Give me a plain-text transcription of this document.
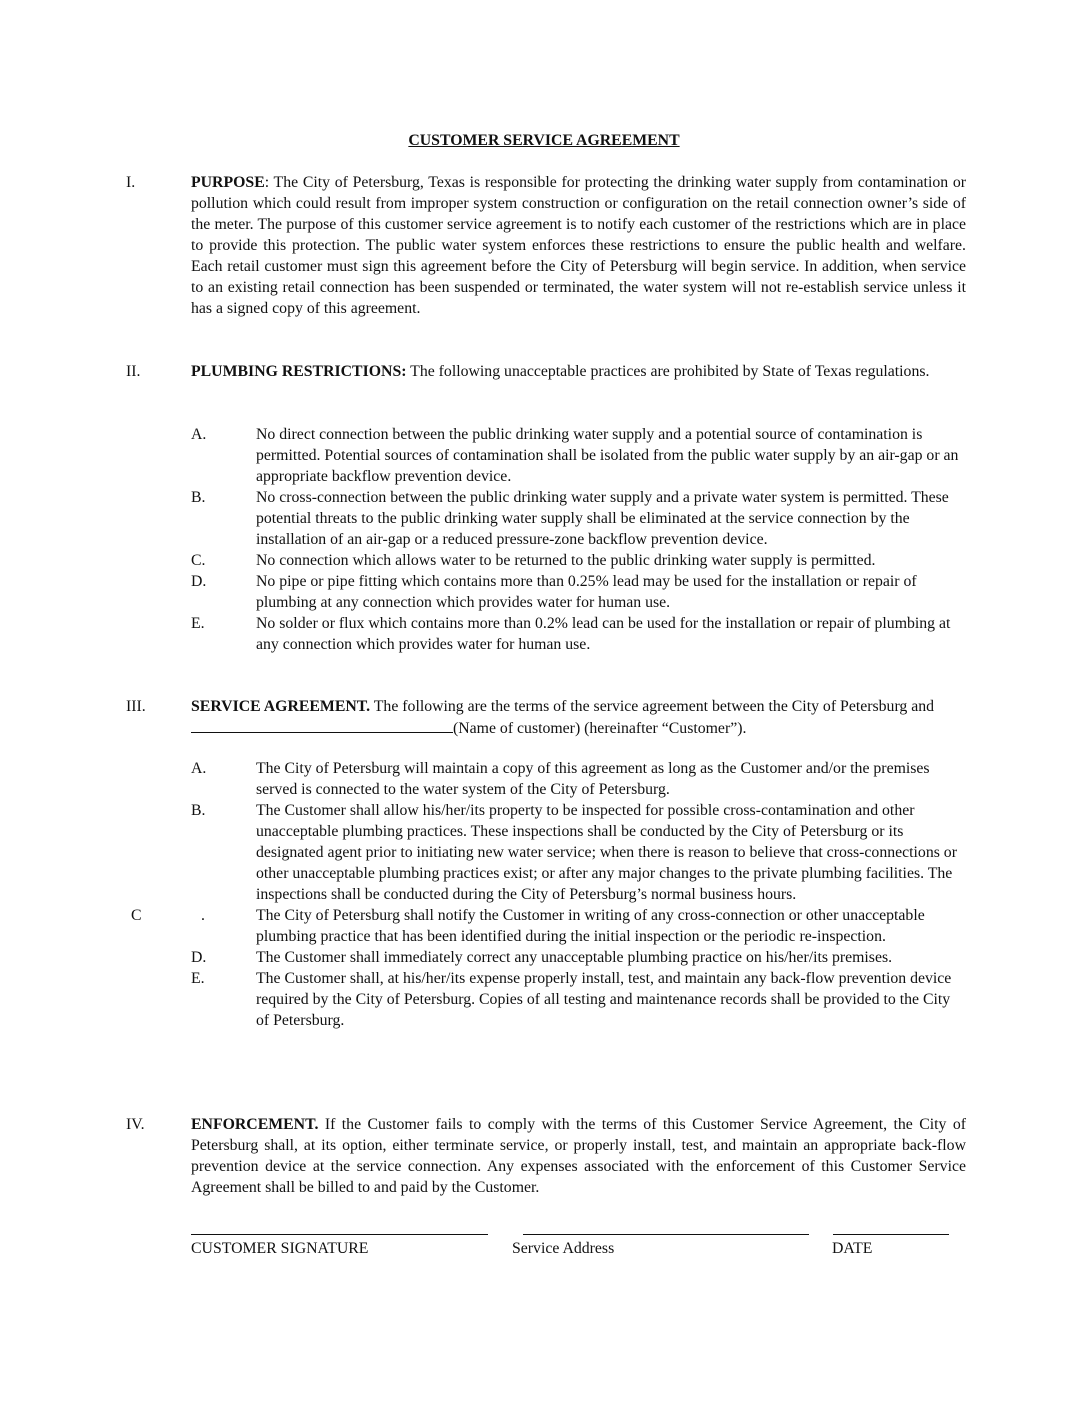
CUSTOMER SERVICE AGREEMENT
I.	PURPOSE: The City of Petersburg, Texas is responsible for protecting the drinking water supply from contamination or pollution which could result from improper system construction or configuration on the retail connection owner’s side of the meter. The purpose of this customer service agreement is to notify each customer of the restrictions which are in place to provide this protection. The public water system enforces these restrictions to ensure the public health and welfare. Each retail customer must sign this agreement before the City of Petersburg will begin service. In addition, when service to an existing retail connection has been suspended or terminated, the water system will not re-establish service unless it has a signed copy of this agreement.
II.	PLUMBING RESTRICTIONS: The following unacceptable practices are prohibited by State of Texas regulations.
A.	No direct connection between the public drinking water supply and a potential source of contamination is permitted. Potential sources of contamination shall be isolated from the public water supply by an air-gap or an appropriate backflow prevention device.
B.	No cross-connection between the public drinking water supply and a private water system is permitted. These potential threats to the public drinking water supply shall be eliminated at the service connection by the installation of an air-gap or a reduced pressure-zone backflow prevention device.
C.	No connection which allows water to be returned to the public drinking water supply is permitted.
D.	No pipe or pipe fitting which contains more than 0.25% lead may be used for the installation or repair of plumbing at any connection which provides water for human use.
E.	No solder or flux which contains more than 0.2% lead can be used for the installation or repair of plumbing at any connection which provides water for human use.
III.	SERVICE AGREEMENT. The following are the terms of the service agreement between the City of Petersburg and (Name of customer) (hereinafter “Customer”).
A.	The City of Petersburg will maintain a copy of this agreement as long as the Customer and/or the premises served is connected to the water system of the City of Petersburg.
B.	The Customer shall allow his/her/its property to be inspected for possible cross-contamination and other unacceptable plumbing practices. These inspections shall be conducted by the City of Petersburg or its designated agent prior to initiating new water service; when there is reason to believe that cross-connections or other unacceptable plumbing practices exist; or after any major changes to the private plumbing facilities. The inspections shall be conducted during the City of Petersburg’s normal business hours.
C	.	The City of Petersburg shall notify the Customer in writing of any cross-connection or other unacceptable plumbing practice that has been identified during the initial inspection or the periodic re-inspection.
D.	The Customer shall immediately correct any unacceptable plumbing practice on his/her/its premises.
E.	The Customer shall, at his/her/its expense properly install, test, and maintain any back-flow prevention device required by the City of Petersburg. Copies of all testing and maintenance records shall be provided to the City of Petersburg.
IV.	ENFORCEMENT. If the Customer fails to comply with the terms of this Customer Service Agreement, the City of Petersburg shall, at its option, either terminate service, or properly install, test, and maintain an appropriate back-flow prevention device at the service connection. Any expenses associated with the enforcement of this Customer Service Agreement shall be billed to and paid by the Customer.
CUSTOMER SIGNATURE	Service Address	DATE
